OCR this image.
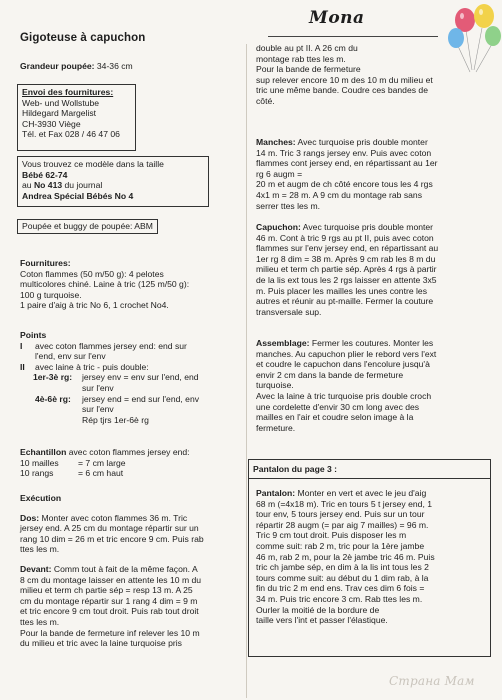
Mona
Gigoteuse à capuchon

Grandeur poupée: 34-36 cm

Envoi des fournitures:

Web- und Wollstube

Hildegard Margelist

CH-3930 Viège

Tél. et Fax 028 / 46 47 06

Vous trouvez ce modèle dans la taille

Bébé 62-74

au No 413 du journal

Andrea Spécial Bébés No 4

Poupée et buggy de poupée: ABM

Fournitures:

Coton flammes (50 m/50 g): 4 pelotes

multicolores chiné. Laine à tric (125 m/50 g):

100 g turquoise.

1 paire d'aig à tric No 6, 1 crochet No4.

Points

I	avec coton flammes jersey end: end sur

l'end, env sur l'env

II	avec laine à tric - puis double:

1er-3è rg:	jersey env = env sur l'end, end

sur l'env

4è-6è rg:	jersey end = end sur l'end, env

sur l'env

Rép tjrs 1er-6è rg

Echantillon avec coton flammes jersey end:

10 mailles	= 7 cm large
10 rangs	= 6 cm haut

Exécution

Dos: Monter avec coton flammes 36 m. Tric

jersey end. A 25 cm du montage répartir sur un

rang 10 dim = 26 m et tric encore 9 cm. Puis rab

ttes les m.

Devant: Comm tout à fait de la même façon. A

8 cm du montage laisser en attente les 10 m du

milieu et term ch partie sép = resp 13 m. A 25

cm du montage répartir sur 1 rang 4 dim = 9 m

et tric encore 9 cm tout droit. Puis rab tout droit

ttes les m.

Pour la bande de fermeture inf relever les 10 m

du milieu et tric avec la laine turquoise pris

double au pt II. A 26 cm du

montage rab ttes les m.

Pour la bande de fermeture

sup relever encore 10 m des 10 m du milieu et

tric une même bande. Coudre ces bandes de

côté.

Manches: Avec turquoise pris double monter

14 m. Tric 3 rangs jersey env. Puis avec coton

flammes cont jersey end, en répartissant au 1er

rg 6 augm =

20 m et augm de ch côté encore tous les 4 rgs

4x1 m = 28 m. A 9 cm du montage rab sans

serrer ttes les m.

Capuchon: Avec turquoise pris double monter

46 m. Cont à tric 9 rgs au pt II, puis avec coton

flammes sur l'env jersey end, en répartissant au

1er rg 8 dim = 38 m. Après 9 cm rab les 8 m du

milieu et term ch partie sép. Après 4 rgs à partir

de la lis ext tous les 2 rgs laisser en attente 3x5

m. Puis placer les mailles les unes contre les

autres et réunir au pt-maille. Fermer la couture

transversale sup.

Assemblage: Fermer les coutures. Monter les

manches. Au capuchon plier le rebord vers l'ext

et coudre le capuchon dans l'encolure jusqu'à

envir 2 cm dans la bande de fermeture

turquoise.

Avec la laine à tric turquoise pris double croch

une cordelette d'envir 30 cm long avec des

mailles en l'air et coudre selon image à la

fermeture.

Pantalon du page 3 :

Pantalon: Monter en vert et avec le jeu d'aig

68 m (=4x18 m). Tric en tours 5 t jersey end, 1

tour env, 5 tours jersey end. Puis sur un tour

répartir 28 augm (= par aig 7 mailles) = 96 m.

Tric 9 cm tout droit. Puis disposer les m

comme suit: rab 2 m, tric pour la 1ère jambe

46 m, rab 2 m, pour la 2è jambe tric 46 m. Puis

tric ch jambe sép, en dim à la lis int tous les 2

tours comme suit: au début du 1 dim rab, à la

fin du tric 2 m end ens. Trav ces dim 6 fois =

34 m. Puis tric encore 3 cm. Rab ttes les m.

Ourler la moitié de la bordure de

taille vers l'int et passer l'élastique.

Страна Мам
